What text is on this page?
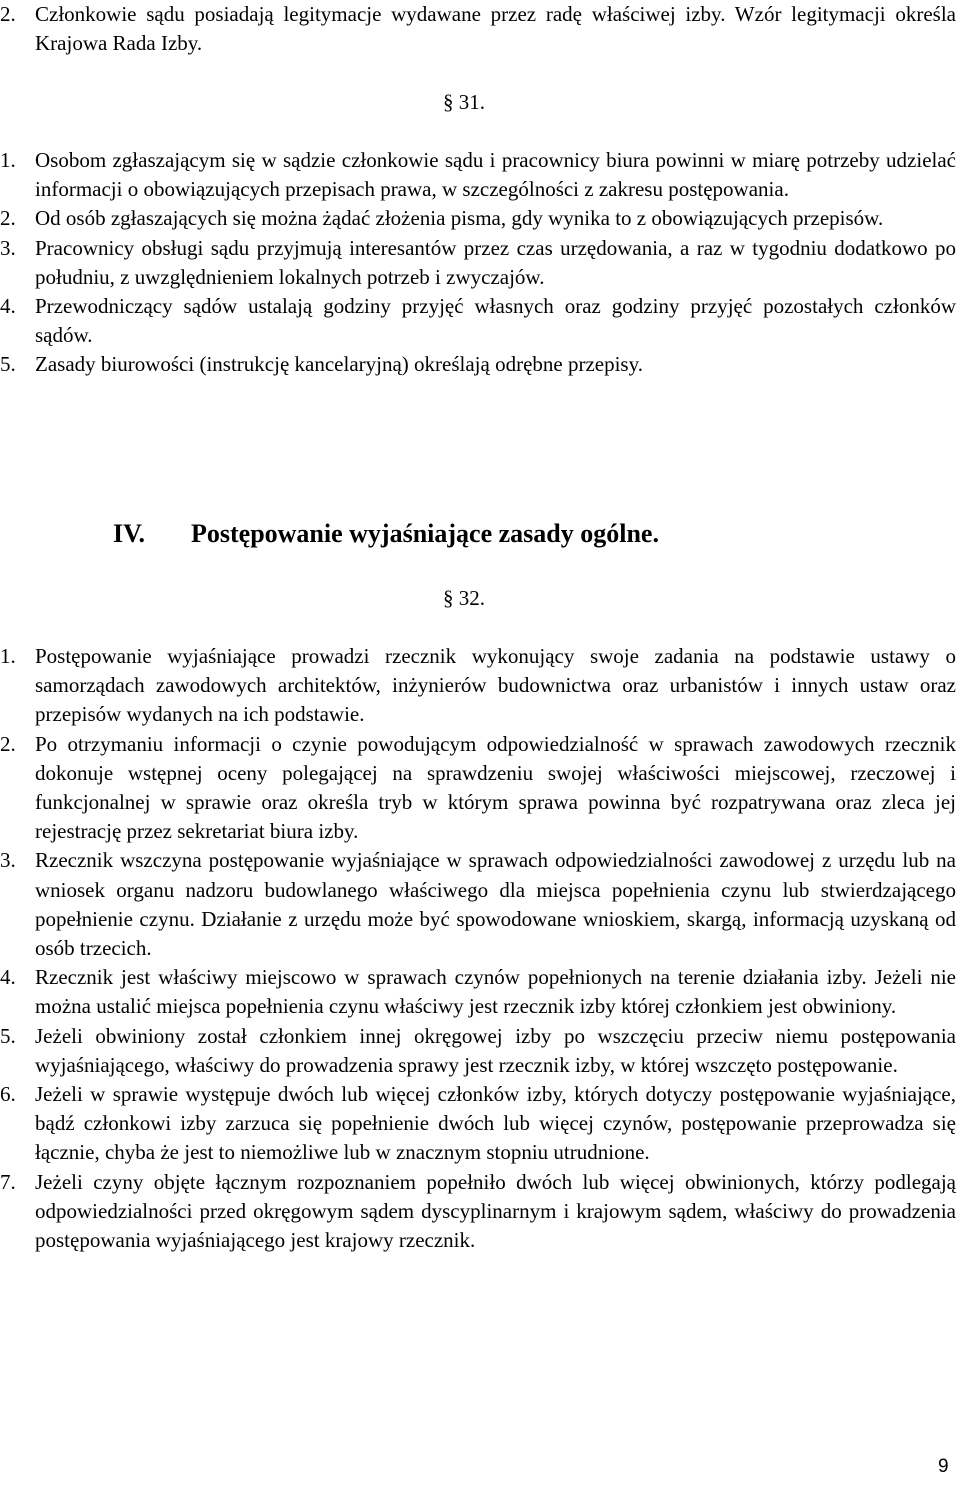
2. Członkowie sądu posiadają legitymacje wydawane przez radę właściwej izby. Wzór legitymacji określa Krajowa Rada Izby.
§ 31.
1. Osobom zgłaszającym się w sądzie członkowie sądu i pracownicy biura powinni w miarę potrzeby udzielać informacji o obowiązujących przepisach prawa, w szczególności z zakresu postępowania.
2. Od osób zgłaszających się można żądać złożenia pisma, gdy wynika to z obowiązujących przepisów.
3. Pracownicy obsługi sądu przyjmują interesantów przez czas urzędowania, a raz w tygodniu dodatkowo po południu, z uwzględnieniem lokalnych potrzeb i zwyczajów.
4. Przewodniczący sądów ustalają godziny przyjęć własnych oraz godziny przyjęć pozostałych członków sądów.
5. Zasady biurowości (instrukcję kancelaryjną) określają odrębne przepisy.
IV. Postępowanie wyjaśniające zasady ogólne.
§ 32.
1. Postępowanie wyjaśniające prowadzi rzecznik wykonujący swoje zadania na podstawie ustawy o samorządach zawodowych architektów, inżynierów budownictwa oraz urbanistów i innych ustaw oraz przepisów wydanych na ich podstawie.
2. Po otrzymaniu informacji o czynie powodującym odpowiedzialność w sprawach zawodowych rzecznik dokonuje wstępnej oceny polegającej na sprawdzeniu swojej właściwości miejscowej, rzeczowej i funkcjonalnej w sprawie oraz określa tryb w którym sprawa powinna być rozpatrywana oraz zleca jej rejestrację przez sekretariat biura izby.
3. Rzecznik wszczyna postępowanie wyjaśniające w sprawach odpowiedzialności zawodowej z urzędu lub na wniosek organu nadzoru budowlanego właściwego dla miejsca popełnienia czynu lub stwierdzającego popełnienie czynu. Działanie z urzędu może być spowodowane wnioskiem, skargą, informacją uzyskaną od osób trzecich.
4. Rzecznik jest właściwy miejscowo w sprawach czynów popełnionych na terenie działania izby. Jeżeli nie można ustalić miejsca popełnienia czynu właściwy jest rzecznik izby której członkiem jest obwiniony.
5. Jeżeli obwiniony został członkiem innej okręgowej izby po wszczęciu przeciw niemu postępowania wyjaśniającego, właściwy do prowadzenia sprawy jest rzecznik izby, w której wszczęto postępowanie.
6. Jeżeli w sprawie występuje dwóch lub więcej członków izby, których dotyczy postępowanie wyjaśniające, bądź członkowi izby zarzuca się popełnienie dwóch lub więcej czynów, postępowanie przeprowadza się łącznie, chyba że jest to niemożliwe lub w znacznym stopniu utrudnione.
7. Jeżeli czyny objęte łącznym rozpoznaniem popełniło dwóch lub więcej obwinionych, którzy podlegają odpowiedzialności przed okręgowym sądem dyscyplinarnym i krajowym sądem, właściwy do prowadzenia postępowania wyjaśniającego jest krajowy rzecznik.
9
